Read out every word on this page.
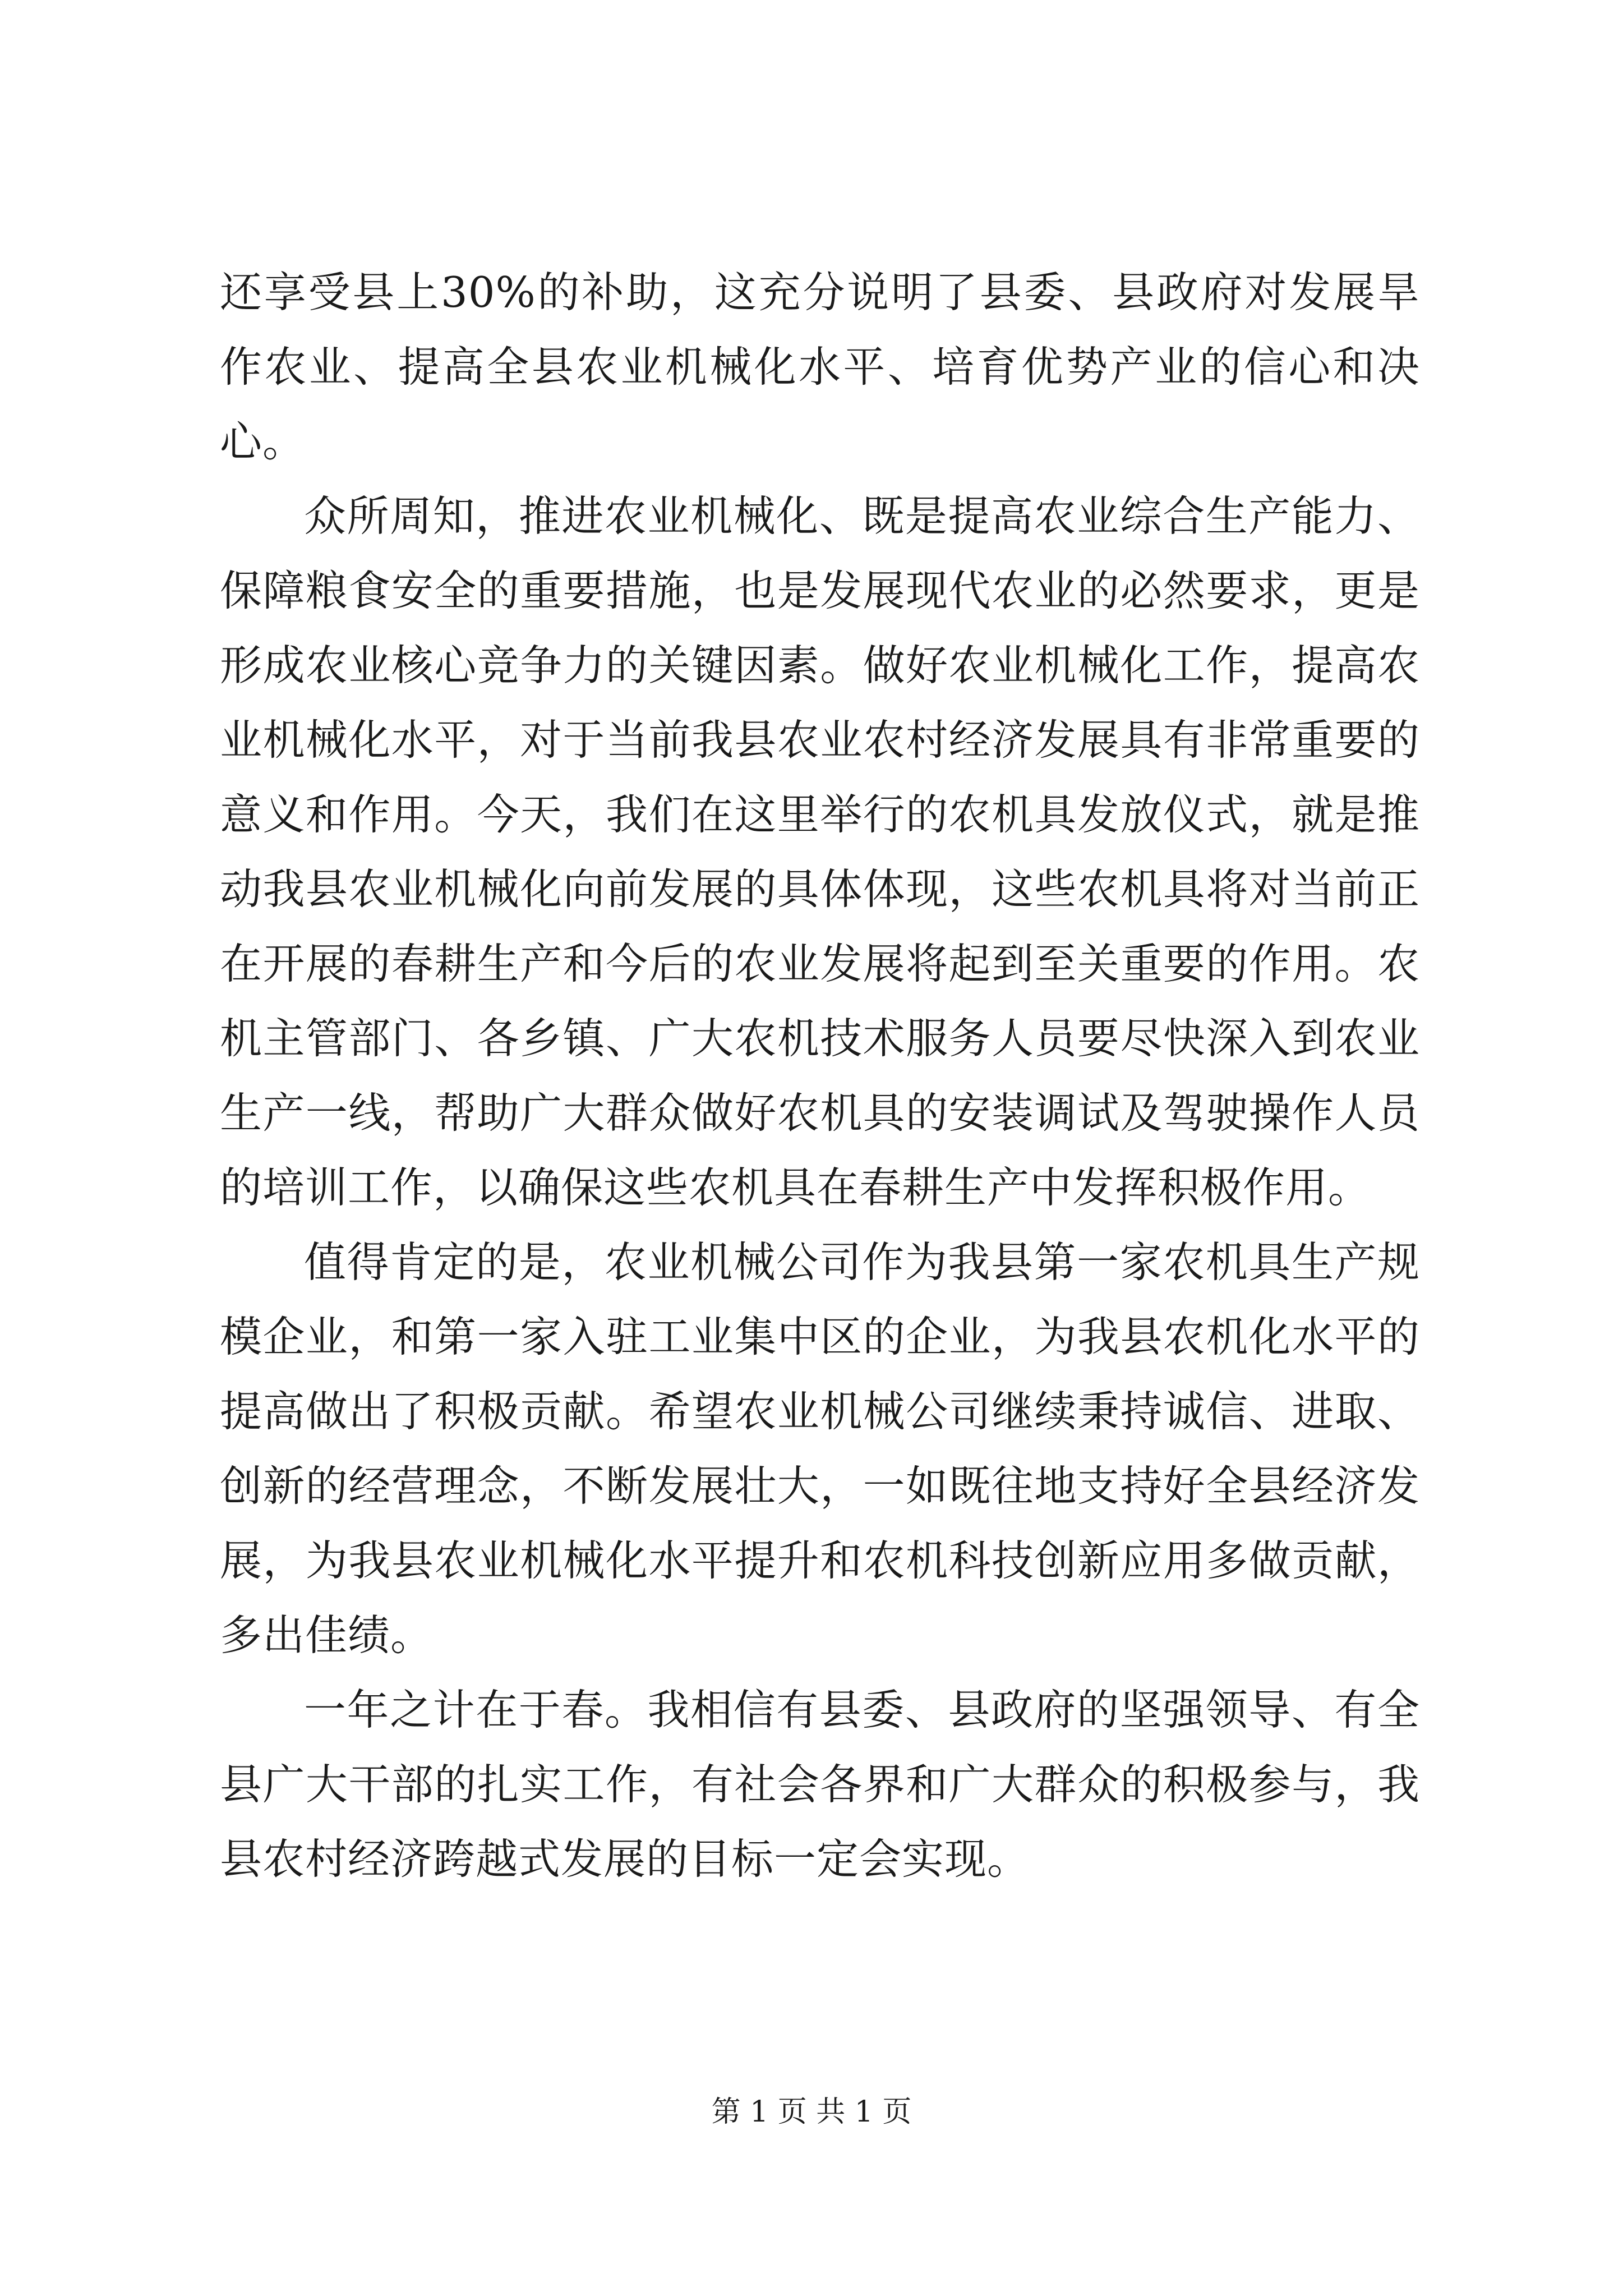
还享受县上30%的补助，这充分说明了县委、县政府对发展旱作农业、提高全县农业机械化水平、培育优势产业的信心和决心。

众所周知，推进农业机械化、既是提高农业综合生产能力、保障粮食安全的重要措施，也是发展现代农业的必然要求，更是形成农业核心竞争力的关键因素。做好农业机械化工作，提高农业机械化水平，对于当前我县农业农村经济发展具有非常重要的意义和作用。今天，我们在这里举行的农机具发放仪式，就是推动我县农业机械化向前发展的具体体现，这些农机具将对当前正在开展的春耕生产和今后的农业发展将起到至关重要的作用。农机主管部门、各乡镇、广大农机技术服务人员要尽快深入到农业生产一线，帮助广大群众做好农机具的安装调试及驾驶操作人员的培训工作，以确保这些农机具在春耕生产中发挥积极作用。

值得肯定的是，农业机械公司作为我县第一家农机具生产规模企业，和第一家入驻工业集中区的企业，为我县农机化水平的提高做出了积极贡献。希望农业机械公司继续秉持诚信、进取、创新的经营理念，不断发展壮大，一如既往地支持好全县经济发展，为我县农业机械化水平提升和农机科技创新应用多做贡献，多出佳绩。

一年之计在于春。我相信有县委、县政府的坚强领导、有全县广大干部的扎实工作，有社会各界和广大群众的积极参与，我县农村经济跨越式发展的目标一定会实现。

第 1 页 共 1 页
